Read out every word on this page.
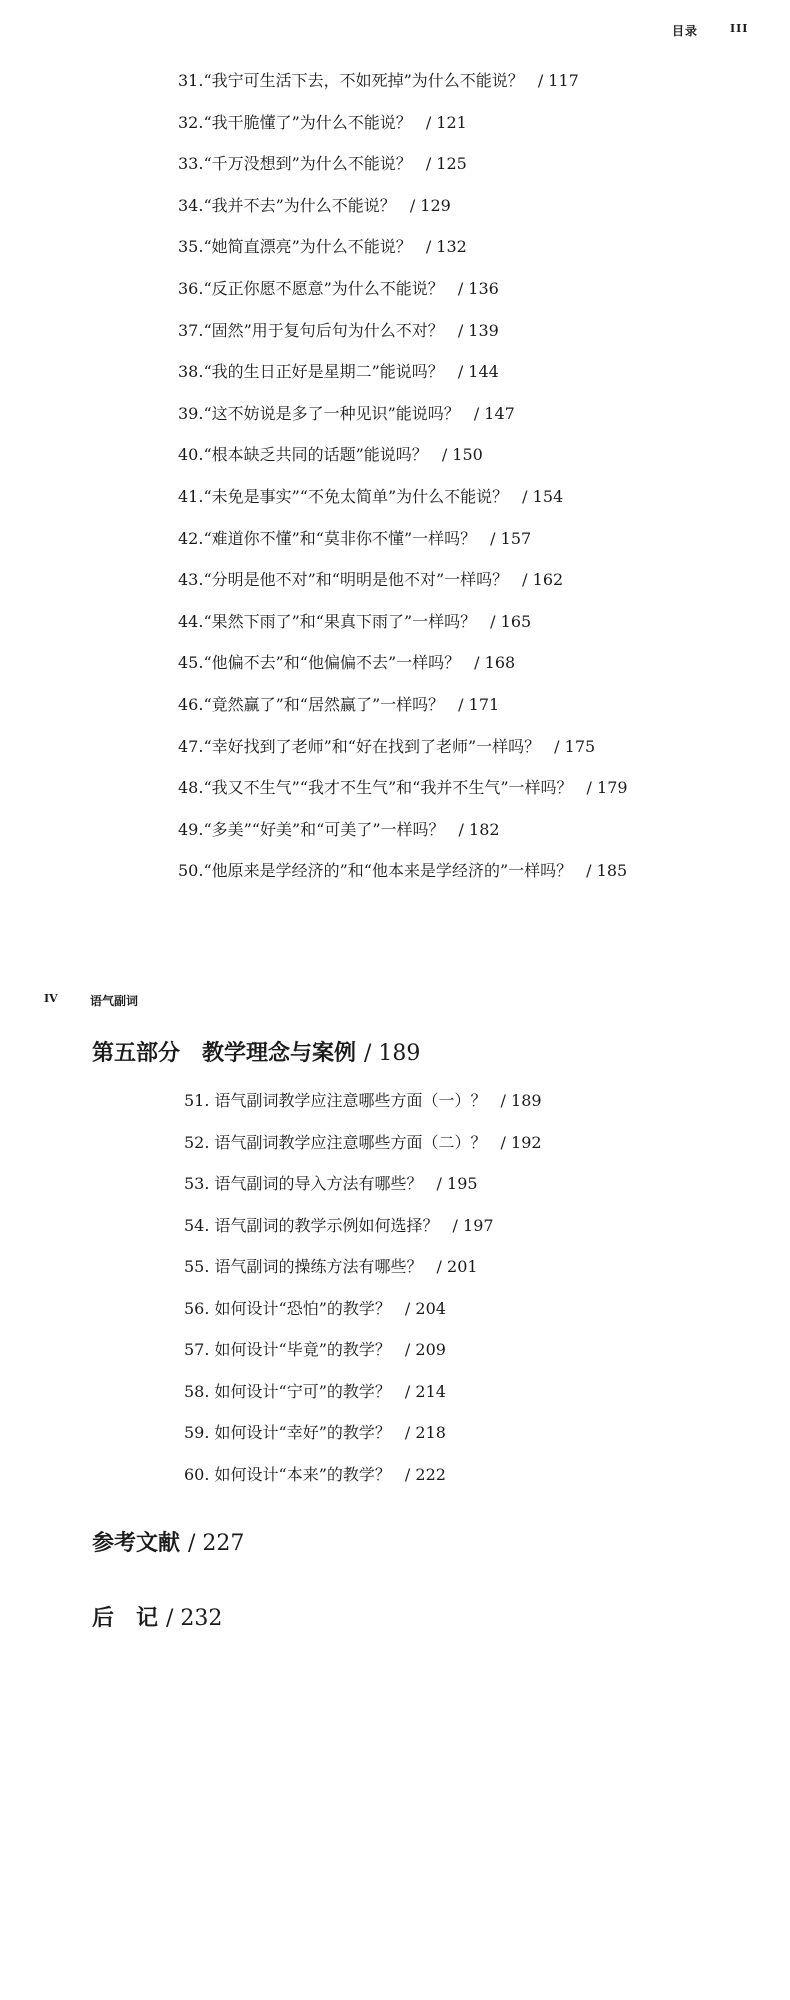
目录	III
31.“我宁可生活下去，不如死掉”为什么不能说？ / 117
32.“我干脆懂了”为什么不能说？ / 121
33.“千万没想到”为什么不能说？ / 125
34.“我并不去”为什么不能说？ / 129
35.“她简直漂亮”为什么不能说？ / 132
36.“反正你愿不愿意”为什么不能说？ / 136
37.“固然”用于复句后句为什么不对？ / 139
38.“我的生日正好是星期二”能说吗？ / 144
39.“这不妨说是多了一种见识”能说吗？ / 147
40.“根本缺乏共同的话题”能说吗？ / 150
41.“未免是事实”“不免太简单”为什么不能说？ / 154
42.“难道你不懂”和“莫非你不懂”一样吗？ / 157
43.“分明是他不对”和“明明是他不对”一样吗？ / 162
44.“果然下雨了”和“果真下雨了”一样吗？ / 165
45.“他偏不去”和“他偏偏不去”一样吗？ / 168
46.“竟然赢了”和“居然赢了”一样吗？ / 171
47.“幸好找到了老师”和“好在找到了老师”一样吗？ / 175
48.“我又不生气”“我才不生气”和“我并不生气”一样吗？ / 179
49.“多美”“好美”和“可美了”一样吗？ / 182
50.“他原来是学经济的”和“他本来是学经济的”一样吗？ / 185
IV	语气副词
第五部分　教学理念与案例 / 189
51. 语气副词教学应注意哪些方面（一）？ / 189
52. 语气副词教学应注意哪些方面（二）？ / 192
53. 语气副词的导入方法有哪些？ / 195
54. 语气副词的教学示例如何选择？ / 197
55. 语气副词的操练方法有哪些？ / 201
56. 如何设计“恐怕”的教学？ / 204
57. 如何设计“毕竟”的教学？ / 209
58. 如何设计“宁可”的教学？ / 214
59. 如何设计“幸好”的教学？ / 218
60. 如何设计“本来”的教学？ / 222
参考文献 / 227
后　记 / 232
